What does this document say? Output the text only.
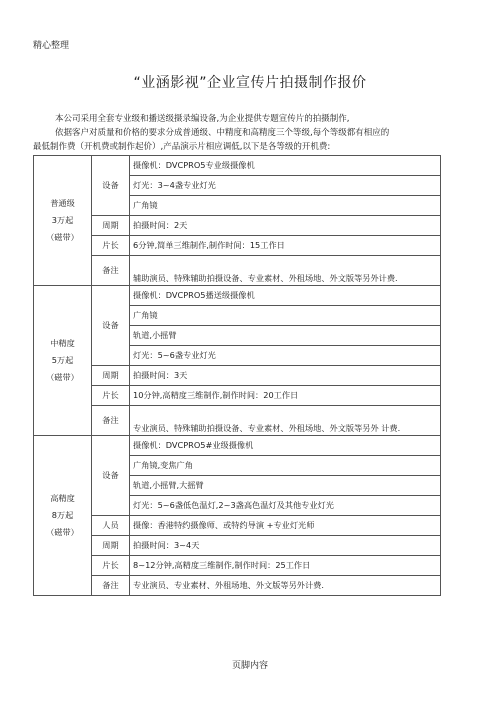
精心整理
“业涵影视”企业宣传片拍摄制作报价
本公司采用全套专业级和播送级摄录编设备,为企业提供专题宣传片的拍摄制作,
依据客户对质量和价格的要求分成普通级、中精度和高精度三个等级,每个等级都有相应的
最低制作费（开机费或制作起价）,产品演示片相应调低,以下是各等级的开机费:
普通级
3万起
（磁带）	设备	摄像机：DVCPRO5专业级摄像机
		灯光：3~4盏专业灯光
		广角镜
	周期	拍摄时间：2天
	片长	6分钟,简单三维制作,制作时间：15工作日
	备注	辅助演员、特殊辅助拍摄设备、专业素材、外租场地、外文版等另外计费.

中精度
5万起
（磁带）	设备	摄像机：DVCPRO5播送级摄像机
		广角镜
		轨道,小摇臂
		灯光：5~6盏专业灯光
	周期	拍摄时间：3天
	片长	10分钟,高精度三维制作,制作时间：20工作日
	备注	专业演员、特殊辅助拍摄设备、专业素材、外租场地、外文版等另外 计费.

高精度
8万起
（磁带）	设备	摄像机：DVCPRO5#业级摄像机
		广角镜,变焦广角
		轨道,小摇臂,大摇臂
		灯光：5~6盏低色温灯,2~3盏高色温灯及其他专业灯光
	人员	摄像：香港特约摄像师、或特约导演 +专业灯光师
	周期	拍摄时间：3~4天
	片长	8~12分钟,高精度三维制作,制作时间：25工作日
	备注	专业演员、专业素材、外租场地、外文版等另外计费.
页脚内容
